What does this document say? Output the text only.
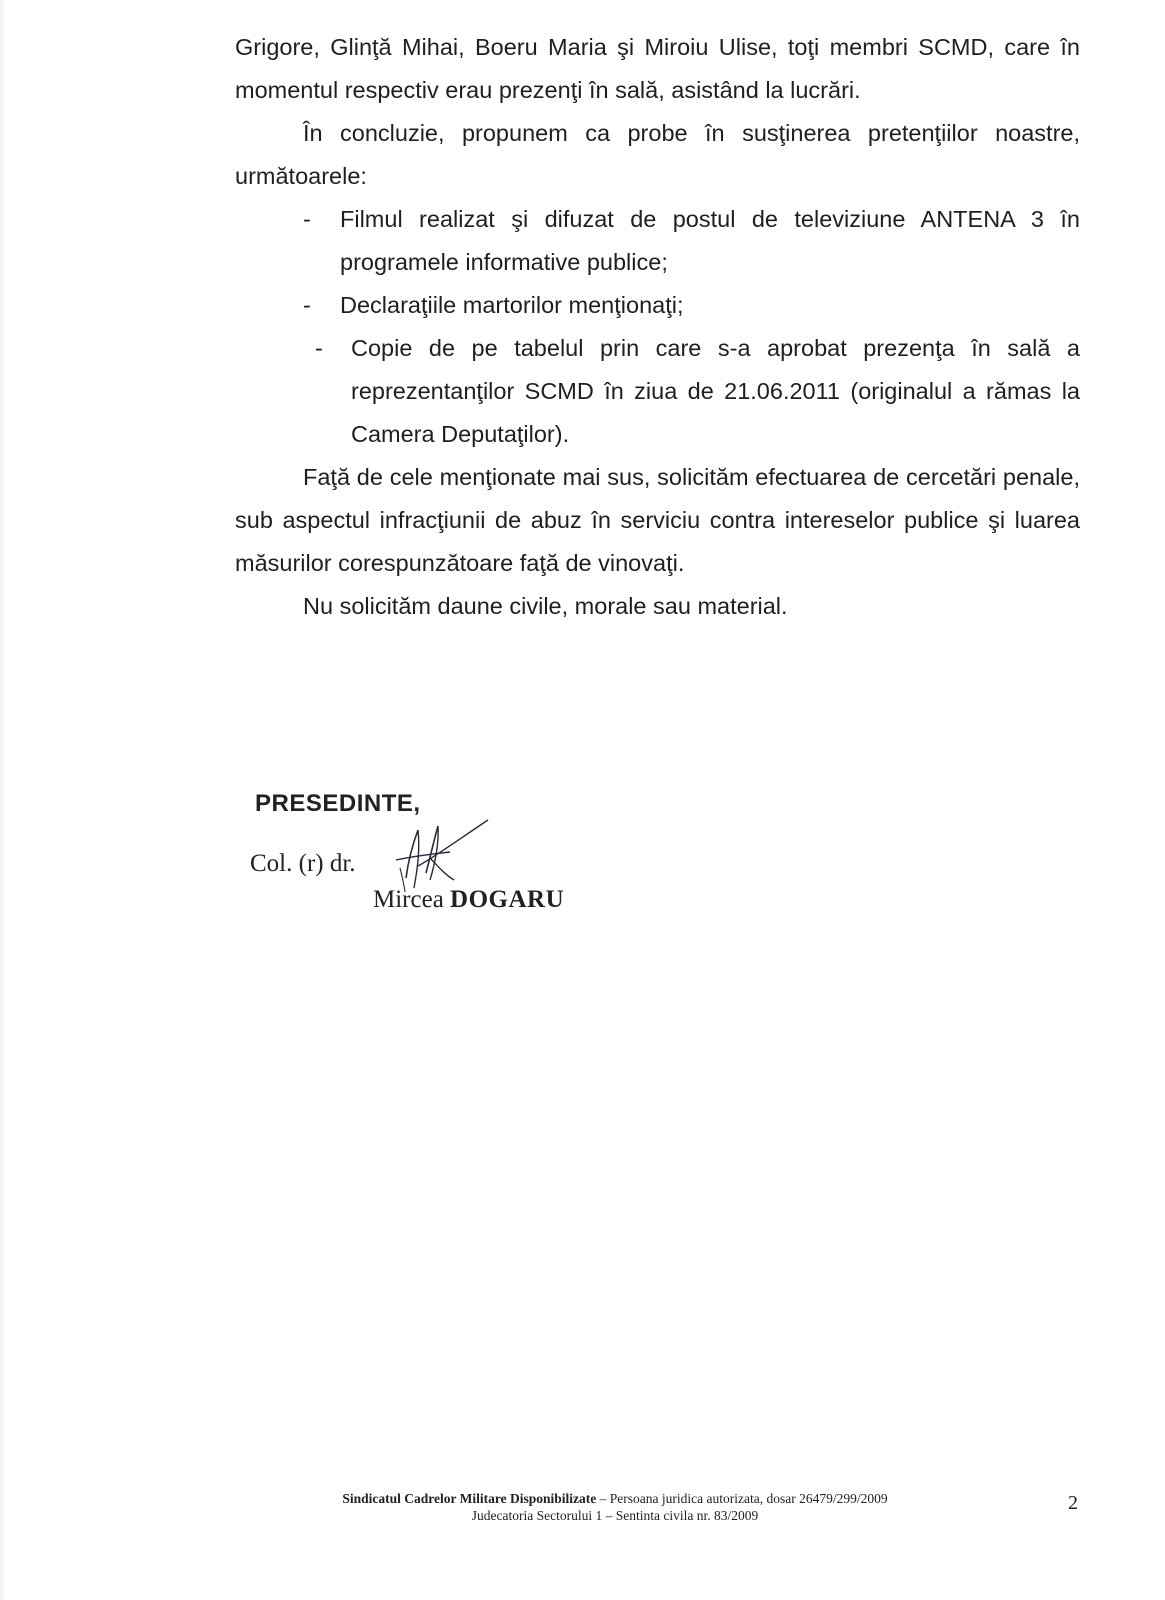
Grigore, Glinţă Mihai, Boeru Maria şi Miroiu Ulise, toţi membri SCMD, care în momentul respectiv erau prezenţi în sală, asistând la lucrări.

În concluzie, propunem ca probe în susţinerea pretenţiilor noastre, următoarele:

- Filmul realizat şi difuzat de postul de televiziune ANTENA 3 în programele informative publice;
- Declaraţiile martorilor menţionaţi;
- Copie de pe tabelul prin care s-a aprobat prezenţa în sală a reprezentanţilor SCMD în ziua de 21.06.2011 (originalul a rămas la Camera Deputaţilor).

Faţă de cele menţionate mai sus, solicităm efectuarea de cercetări penale, sub aspectul infracţiunii de abuz în serviciu contra intereselor publice şi luarea măsurilor corespunzătoare faţă de vinovaţi.

Nu solicităm daune civile, morale sau material.

PRESEDINTE,
Col. (r) dr.
Mircea DOGARU
Sindicatul Cadrelor Militare Disponibilizate – Persoana juridica autorizata, dosar 26479/299/2009
Judecatoria Sectorului 1 – Sentinta civila nr. 83/2009
2
